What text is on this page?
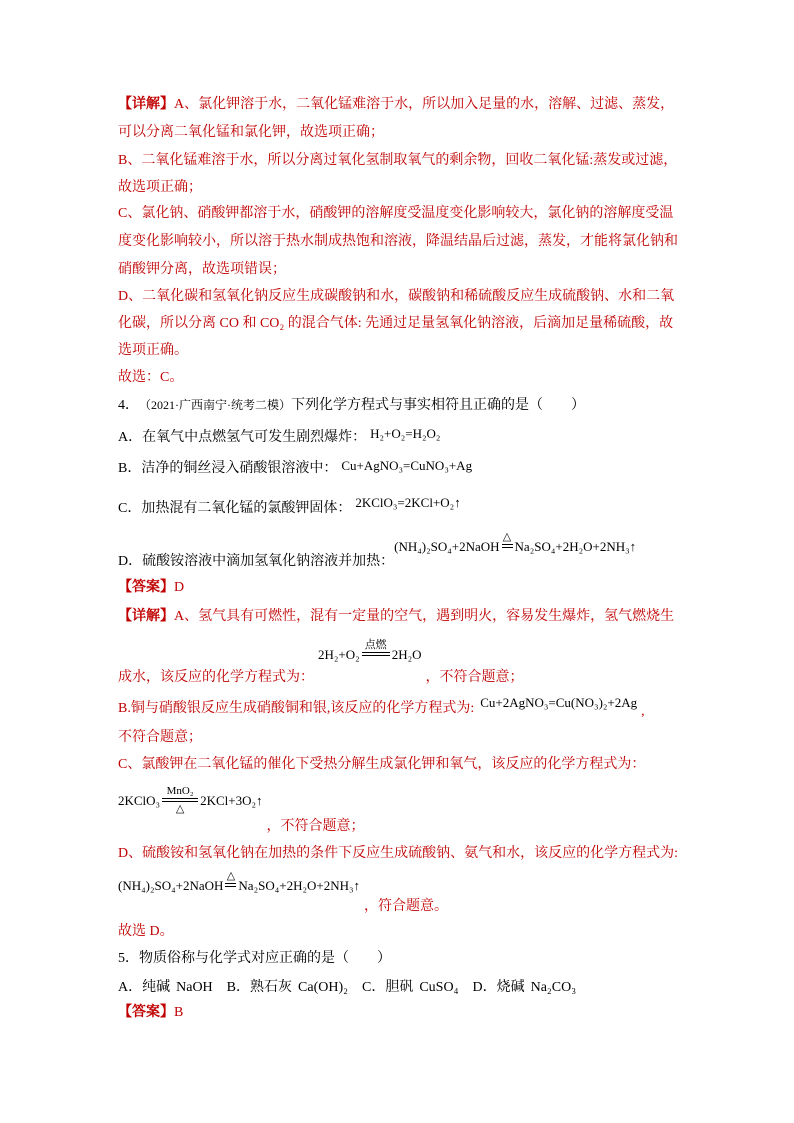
【详解】 A、氯化钾溶于水，二氧化锰难溶于水，所以加入足量的水，溶解、过滤、蒸发，
可以分离二氧化锰和氯化钾，故选项正确；
B、二氧化锰难溶于水，所以分离过氧化氢制取氧气的剩余物，回收二氧化锰:蒸发或过滤，
故选项正确；
C、氯化钠、硝酸钾都溶于水，硝酸钾的溶解度受温度变化影响较大，氯化钠的溶解度受温
度变化影响较小，所以溶于热水制成热饱和溶液，降温结晶后过滤，蒸发，才能将氯化钠和
硝酸钾分离，故选项错误；
D、二氧化碳和氢氧化钠反应生成碳酸钠和水，碳酸钠和稀硫酸反应生成硫酸钠、水和二氧
化碳，所以分离 CO 和 CO₂ 的混合气体: 先通过足量氢氧化钠溶液，后滴加足量稀硫酸，故
选项正确。
故选：C。
4． （2021·广西南宁·统考二模） 下列化学方程式与事实相符且正确的是（　　）
A．在氧气中点燃氢气可发生剧烈爆炸： H₂+O₂=H₂O₂
B．洁净的铜丝浸入硝酸银溶液中： Cu+AgNO₃=CuNO₃+Ag
C．加热混有二氧化锰的氯酸钾固体： 2KClO₃=2KCl+O₂↑
D．硫酸铵溶液中滴加氢氧化钠溶液并加热：
(NH₄)₂SO₄+2NaOH
△
Na₂SO₄+2H₂O+2NH₃↑
【答案】 D
【详解】 A、氢气具有可燃性，混有一定量的空气，遇到明火，容易发生爆炸，氢气燃烧生
成水，该反应的化学方程式为：
2H₂+O₂
点燃
2H₂O
，不符合题意；
B.铜与硝酸银反应生成硝酸铜和银,该反应的化学方程式为: Cu+2AgNO₃=Cu(NO₃)₂+2Ag
,
不符合题意；
C、氯酸钾在二氧化锰的催化下受热分解生成氯化钾和氧气，该反应的化学方程式为：
2KClO₃
MnO₂
△
2KCl+3O₂↑
，不符合题意；
D、硫酸铵和氢氧化钠在加热的条件下反应生成硫酸钠、氨气和水，该反应的化学方程式为:
(NH₄)₂SO₄+2NaOH
△
Na₂SO₄+2H₂O+2NH₃↑
，符合题意。
故选 D。
5．物质俗称与化学式对应正确的是（　　）
A．纯碱 NaOH B．熟石灰 Ca(OH)₂ C．胆矾 CuSO₄ D．烧碱 Na₂CO₃
【答案】 B
